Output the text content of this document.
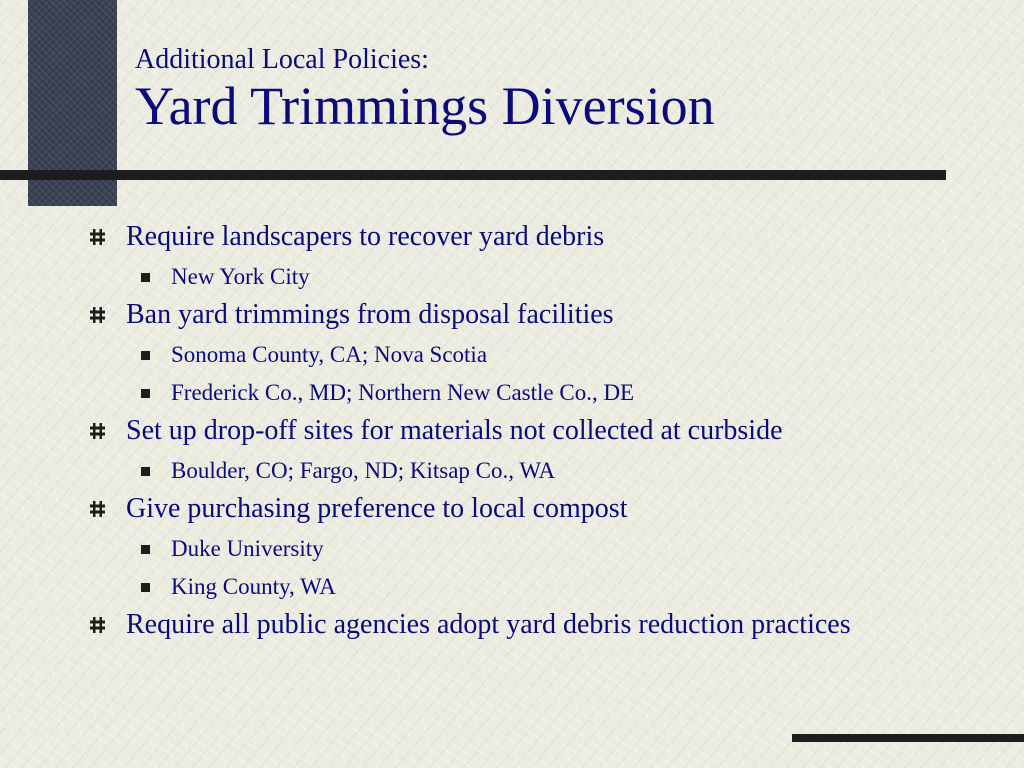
Additional Local Policies:
Yard Trimmings Diversion
Require landscapers to recover yard debris
New York City
Ban yard trimmings from disposal facilities
Sonoma County, CA; Nova Scotia
Frederick Co., MD; Northern New Castle Co., DE
Set up drop-off sites for materials not collected at curbside
Boulder, CO; Fargo, ND; Kitsap Co., WA
Give purchasing preference to local compost
Duke University
King County, WA
Require all public agencies adopt yard debris reduction practices
